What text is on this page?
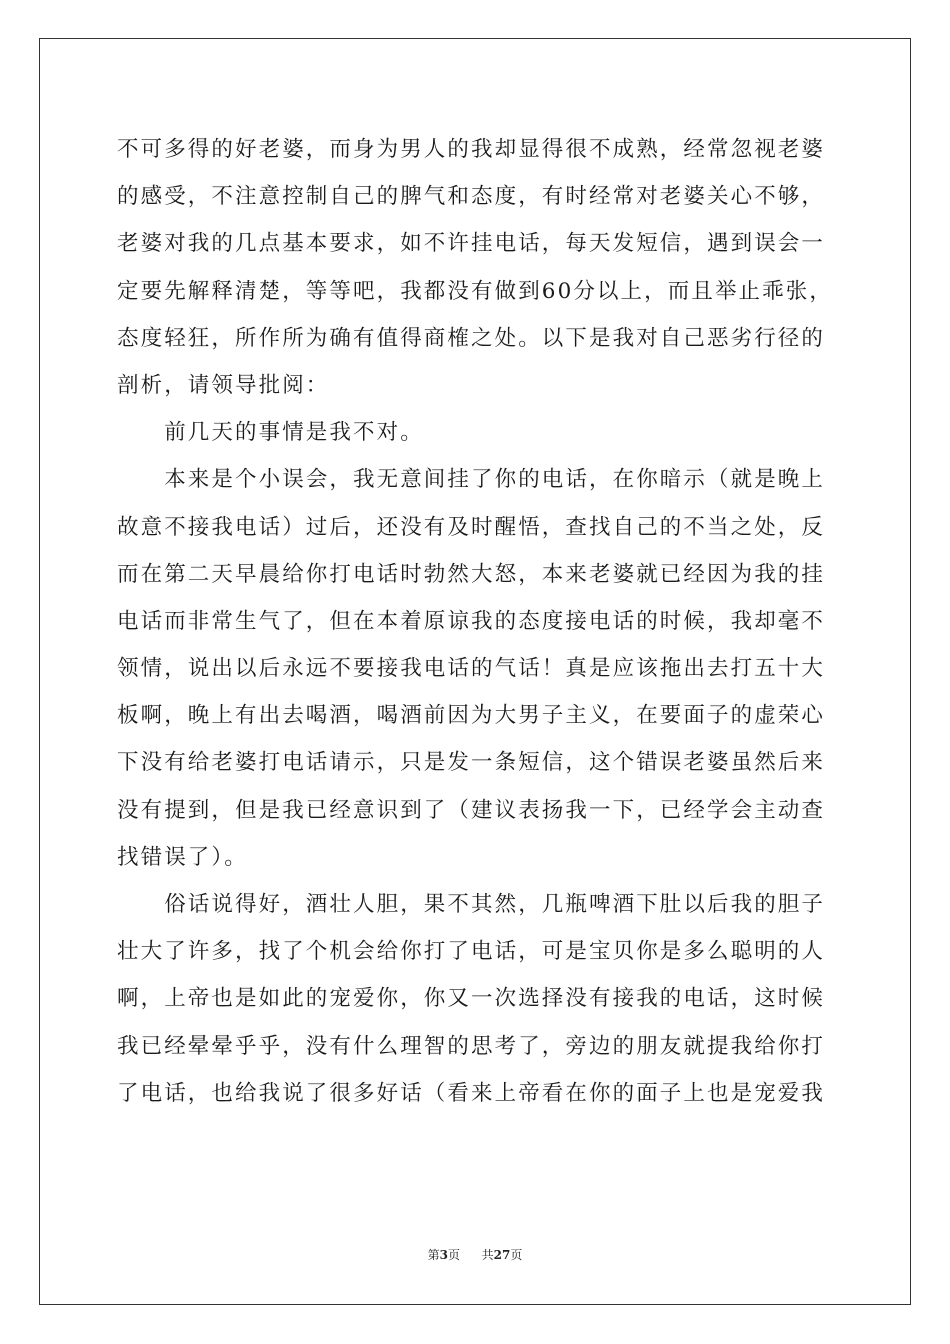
不可多得的好老婆，而身为男人的我却显得很不成熟，经常忽视老婆
的感受，不注意控制自己的脾气和态度，有时经常对老婆关心不够，
老婆对我的几点基本要求，如不许挂电话，每天发短信，遇到误会一
定要先解释清楚，等等吧，我都没有做到60分以上，而且举止乖张，
态度轻狂，所作所为确有值得商榷之处。以下是我对自己恶劣行径的
剖析，请领导批阅：
　　前几天的事情是我不对。
　　本来是个小误会，我无意间挂了你的电话，在你暗示（就是晚上
故意不接我电话）过后，还没有及时醒悟，查找自己的不当之处，反
而在第二天早晨给你打电话时勃然大怒，本来老婆就已经因为我的挂
电话而非常生气了，但在本着原谅我的态度接电话的时候，我却毫不
领情，说出以后永远不要接我电话的气话！真是应该拖出去打五十大
板啊，晚上有出去喝酒，喝酒前因为大男子主义，在要面子的虚荣心
下没有给老婆打电话请示，只是发一条短信，这个错误老婆虽然后来
没有提到，但是我已经意识到了（建议表扬我一下，已经学会主动查
找错误了）。
　　俗话说得好，酒壮人胆，果不其然，几瓶啤酒下肚以后我的胆子
壮大了许多，找了个机会给你打了电话，可是宝贝你是多么聪明的人
啊，上帝也是如此的宠爱你，你又一次选择没有接我的电话，这时候
我已经晕晕乎乎，没有什么理智的思考了，旁边的朋友就提我给你打
了电话，也给我说了很多好话（看来上帝看在你的面子上也是宠爱我
第3页 共27页
